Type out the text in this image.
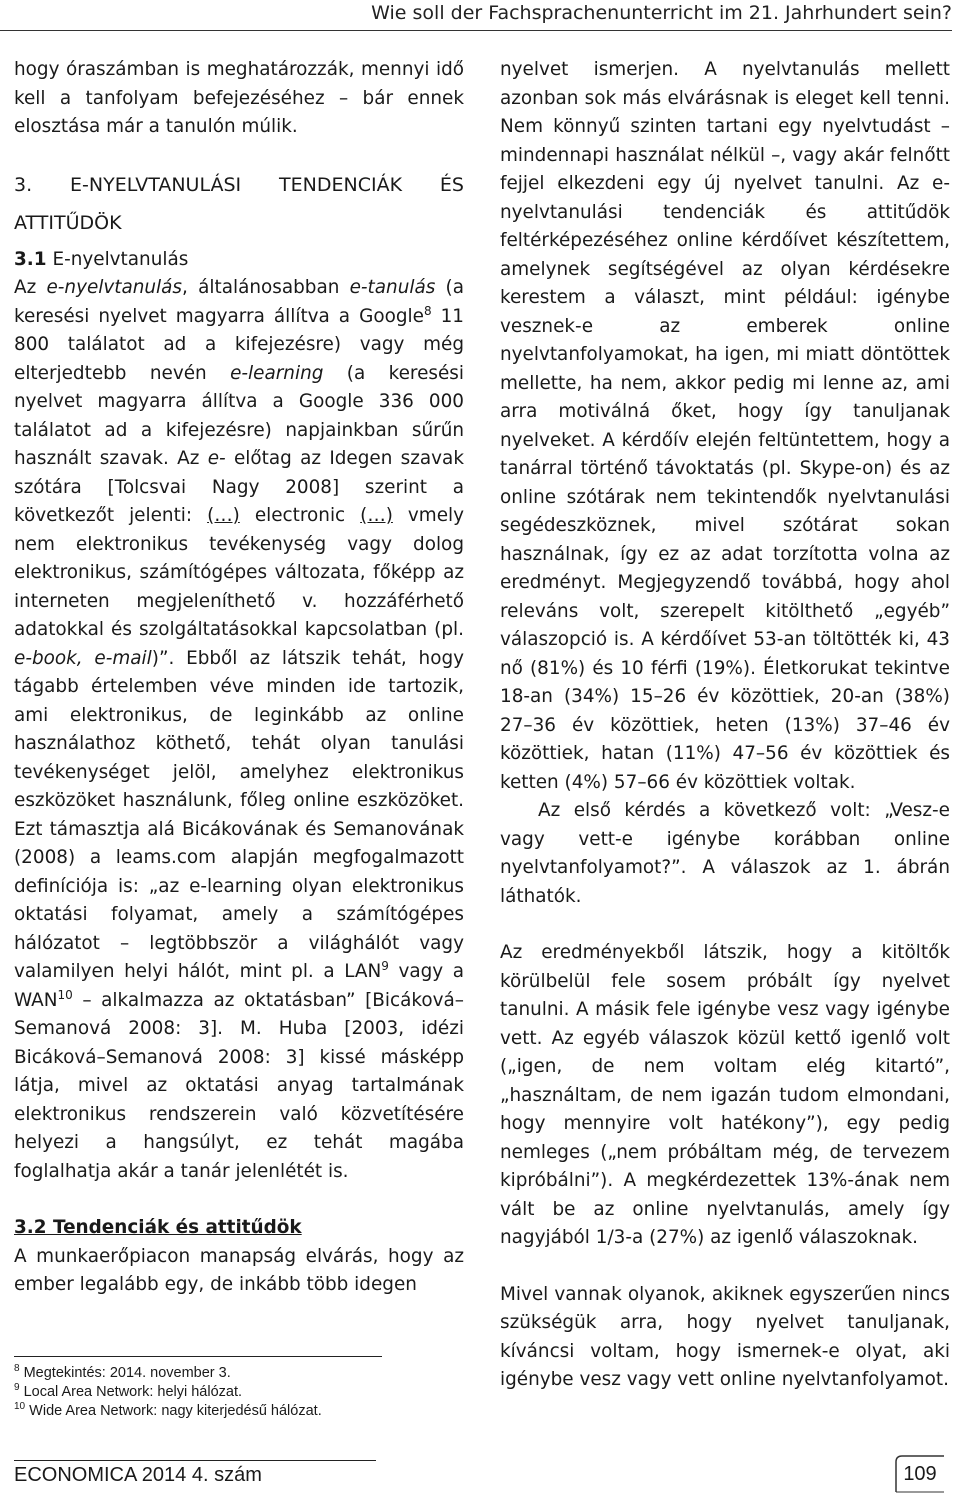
Wie soll der Fachsprachenunterricht im 21. Jahrhundert sein?

hogy óraszámban is meghatározzák, mennyi idő kell a tanfolyam befejezéséhez – bár ennek elosztása már a tanulón múlik.

3. E-NYELVTANULÁSI TENDENCIÁK ÉS ATTITŰDÖK

3.1 E-nyelvtanulás

Az e-nyelvtanulás, általánosabban e-tanulás (a keresési nyelvet magyarra állítva a Google$^8$ 11 800 találatot ad a kifejezésre) vagy még elterjedtebb nevén e-learning (a keresési nyelvet magyarra állítva a Google 336 000 találatot ad a kifejezésre) napjainkban sűrűn használt szavak. Az e- előtag az Idegen szavak szótára [Tolcsvai Nagy 2008] szerint a következőt jelenti: (…) electronic (…) vmely nem elektronikus tevékenység vagy dolog elektronikus, számítógépes változata, főképp az interneten megjeleníthető v. hozzáférhető adatokkal és szolgáltatásokkal kapcsolatban (pl. e-book, e-mail)”. Ebből az látszik tehát, hogy tágabb értelemben véve minden ide tartozik, ami elektronikus, de leginkább az online használathoz köthető, tehát olyan tanulási tevékenységet jelöl, amelyhez elektronikus eszközöket használunk, főleg online eszközöket. Ezt támasztja alá Bicákovának és Semanovának (2008) a leams.com alapján megfogalmazott definíciója is: „az e-learning olyan elektronikus oktatási folyamat, amely a számítógépes hálózatot – legtöbbször a világhálót vagy valamilyen helyi hálót, mint pl. a LAN$^9$ vagy a WAN$^{10}$ – alkalmazza az oktatásban” [Bicáková–Semanová 2008: 3]. M. Huba [2003, idézi Bicáková–Semanová 2008: 3] kissé másképp látja, mivel az oktatási anyag tartalmának elektronikus rendszerein való közvetítésére helyezi a hangsúlyt, ez tehát magába foglalhatja akár a tanár jelenlétét is.

3.2 Tendenciák és attitűdök

A munkaerőpiacon manapság elvárás, hogy az ember legalább egy, de inkább több idegen

$^8$ Megtekintés: 2014. november 3.
$^9$ Local Area Network: helyi hálózat.
$^{10}$ Wide Area Network: nagy kiterjedésű hálózat.

nyelvet ismerjen. A nyelvtanulás mellett azonban sok más elvárásnak is eleget kell tenni. Nem könnyű szinten tartani egy nyelvtudást – mindennapi használat nélkül –, vagy akár felnőtt fejjel elkezdeni egy új nyelvet tanulni. Az e-nyelvtanulási tendenciák és attitűdök feltérképezéséhez online kérdőívet készítettem, amelynek segítségével az olyan kérdésekre kerestem a választ, mint például: igénybe vesznek-e az emberek online nyelvtanfolyamokat, ha igen, mi miatt döntöttek mellette, ha nem, akkor pedig mi lenne az, ami arra motiválná őket, hogy így tanuljanak nyelveket. A kérdőív elején feltüntettem, hogy a tanárral történő távoktatás (pl. Skype-on) és az online szótárak nem tekintendők nyelvtanulási segédeszköznek, mivel szótárat sokan használnak, így ez az adat torzította volna az eredményt. Megjegyzendő továbbá, hogy ahol releváns volt, szerepelt kitölthető „egyéb” válaszopció is. A kérdőívet 53-an töltötték ki, 43 nő (81%) és 10 férfi (19%). Életkorukat tekintve 18-an (34%) 15–26 év közöttiek, 20-an (38%) 27–36 év közöttiek, heten (13%) 37–46 év közöttiek, hatan (11%) 47–56 év közöttiek és ketten (4%) 57–66 év közöttiek voltak.

Az első kérdés a következő volt: „Vesz-e vagy vett-e igénybe korábban online nyelvtanfolyamot?”. A válaszok az 1. ábrán láthatók.

Az eredményekből látszik, hogy a kitöltők körülbelül fele sosem próbált így nyelvet tanulni. A másik fele igénybe vesz vagy igénybe vett. Az egyéb válaszok közül kettő igenlő volt („igen, de nem voltam elég kitartó”, „használtam, de nem igazán tudom elmondani, hogy mennyire volt hatékony”), egy pedig nemleges („nem próbáltam még, de tervezem kipróbálni”). A megkérdezettek 13%-ának nem vált be az online nyelvtanulás, amely így nagyjából 1/3-a (27%) az igenlő válaszoknak.

Mivel vannak olyanok, akiknek egyszerűen nincs szükségük arra, hogy nyelvet tanuljanak, kíváncsi voltam, hogy ismernek-e olyat, aki igénybe vesz vagy vett online nyelvtanfolyamot.

ECONOMICA 2014 4. szám	109
